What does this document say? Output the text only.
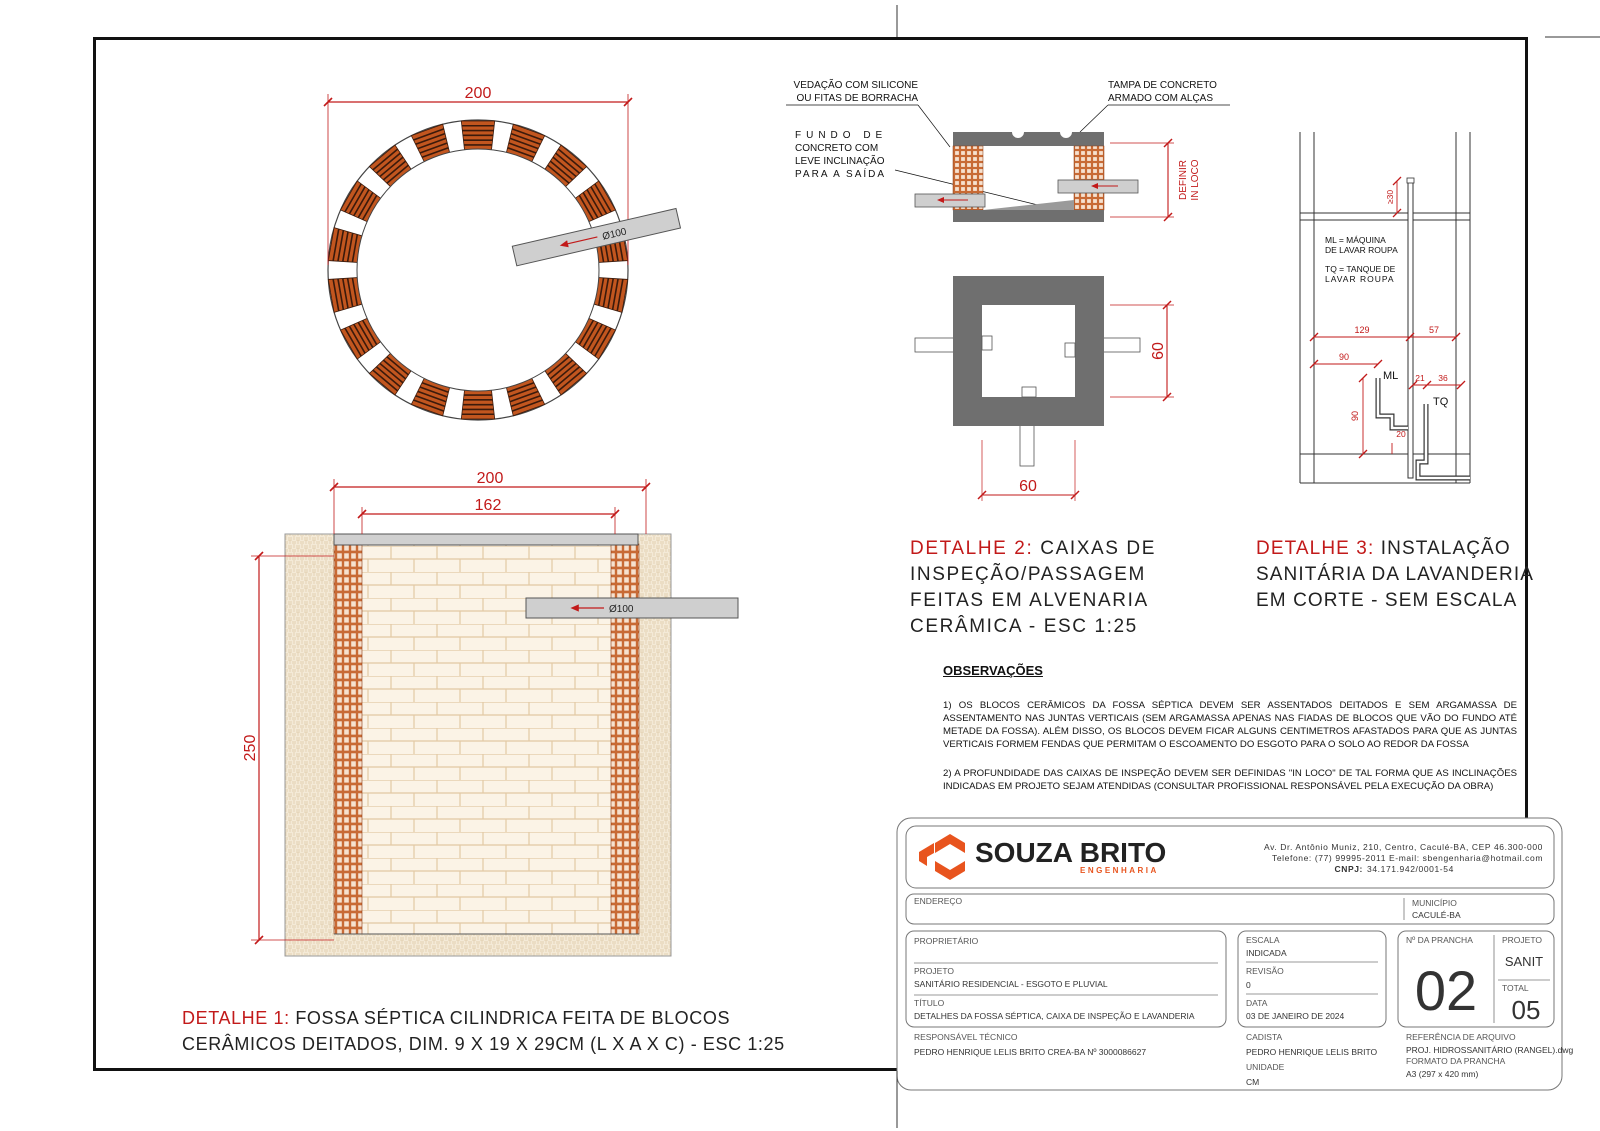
200
Ø100
Ø100
200
162
250
VEDAÇÃO COM SILICONE
OU FITAS DE BORRACHA
TAMPA DE CONCRETO
ARMADO COM ALÇAS
FUNDO DE
CONCRETO COM
LEVE INCLINAÇÃO
PARA A SAÍDA	DEFINIR IN LOCO
60
60
ML = MÁQUINA
DE LAVAR ROUPA
TQ = TANQUE DE
LAVAR ROUPA
≥30
129	57
90
ML
TQ
21 36
90
20
SOUZA BRITO
ENGENHARIA
Av. Dr. Antônio Muniz, 210, Centro, Caculé-BA, CEP 46.300-000
Telefone: (77) 99995-2011 E-mail: sbengenharia@hotmail.com
CNPJ: 34.171.942/0001-54
ENDEREÇO	MUNICÍPIO
CACULÉ-BA
PROPRIETÁRIO
PROJETO
SANITÁRIO RESIDENCIAL - ESGOTO E PLUVIAL
TÍTULO
DETALHES DA FOSSA SÉPTICA, CAIXA DE INSPEÇÃO E LAVANDERIA
ESCALA
INDICADA
REVISÃO
0
DATA
03 DE JANEIRO DE 2024
Nº DA PRANCHA
02
PROJETO
SANIT
TOTAL
05
RESPONSÁVEL TÉCNICO
PEDRO HENRIQUE LELIS BRITO CREA-BA Nº 3000086627
CADISTA
PEDRO HENRIQUE LELIS BRITO
UNIDADE
CM
REFERÊNCIA DE ARQUIVO
PROJ. HIDROSSANITÁRIO (RANGEL).dwg
FORMATO DA PRANCHA
A3 (297 x 420 mm)
DETALHE 1: FOSSA SÉPTICA CILINDRICA FEITA DE BLOCOS
CERÂMICOS DEITADOS, DIM. 9 X 19 X 29CM (L X A X C) - ESC 1:25
DETALHE 2: CAIXAS DE
INSPEÇÃO/PASSAGEM
FEITAS EM ALVENARIA
CERÂMICA - ESC 1:25
DETALHE 3: INSTALAÇÃO
SANITÁRIA DA LAVANDERIA
EM CORTE - SEM ESCALA
OBSERVAÇÕES
1) OS BLOCOS CERÂMICOS DA FOSSA SÉPTICA DEVEM SER ASSENTADOS DEITADOS E SEM ARGAMASSA DE ASSENTAMENTO NAS JUNTAS VERTICAIS (SEM ARGAMASSA APENAS NAS FIADAS DE BLOCOS QUE VÃO DO FUNDO ATÉ METADE DA FOSSA). ALÉM DISSO, OS BLOCOS DEVEM FICAR ALGUNS CENTIMETROS AFASTADOS PARA QUE AS JUNTAS VERTICAIS FORMEM FENDAS QUE PERMITAM O ESCOAMENTO DO ESGOTO PARA O SOLO AO REDOR DA FOSSA
2) A PROFUNDIDADE DAS CAIXAS DE INSPEÇÃO DEVEM SER DEFINIDAS "IN LOCO" DE TAL FORMA QUE AS INCLINAÇÕES INDICADAS EM PROJETO SEJAM ATENDIDAS (CONSULTAR PROFISSIONAL RESPONSÁVEL PELA EXECUÇÃO DA OBRA)
